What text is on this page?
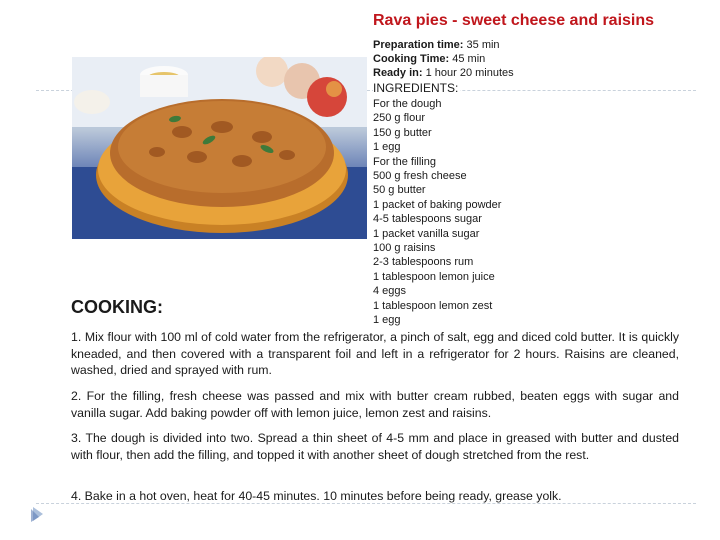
Rava pies - sweet cheese and raisins
Preparation time: 35 min
Cooking Time: 45 min
Ready in: 1 hour 20 minutes
INGREDIENTS:
For the dough
250 g flour
150 g butter
1 egg
For the filling
500 g fresh cheese
50 g butter
1 packet of baking powder
4-5 tablespoons sugar
1 packet vanilla sugar
100 g raisins
2-3 tablespoons rum
1 tablespoon lemon juice
4 eggs
1 tablespoon lemon zest
1 egg
COOKING:

1. Mix flour with 100 ml of cold water from the refrigerator, a pinch of salt, egg and diced cold butter. It is quickly kneaded, and then covered with a transparent foil and left in a refrigerator for 2 hours. Raisins are cleaned, washed, dried and sprayed with rum.

2. For the filling, fresh cheese was passed and mix with butter cream rubbed, beaten eggs with sugar and vanilla sugar. Add baking powder off with lemon juice, lemon zest and raisins.

3. The dough is divided into two. Spread a thin sheet of 4-5 mm and place in greased with butter and dusted with flour, then add the filling, and topped it with another sheet of dough stretched from the rest.

4. Bake in a hot oven, heat for 40-45 minutes. 10 minutes before being ready, grease yolk.
